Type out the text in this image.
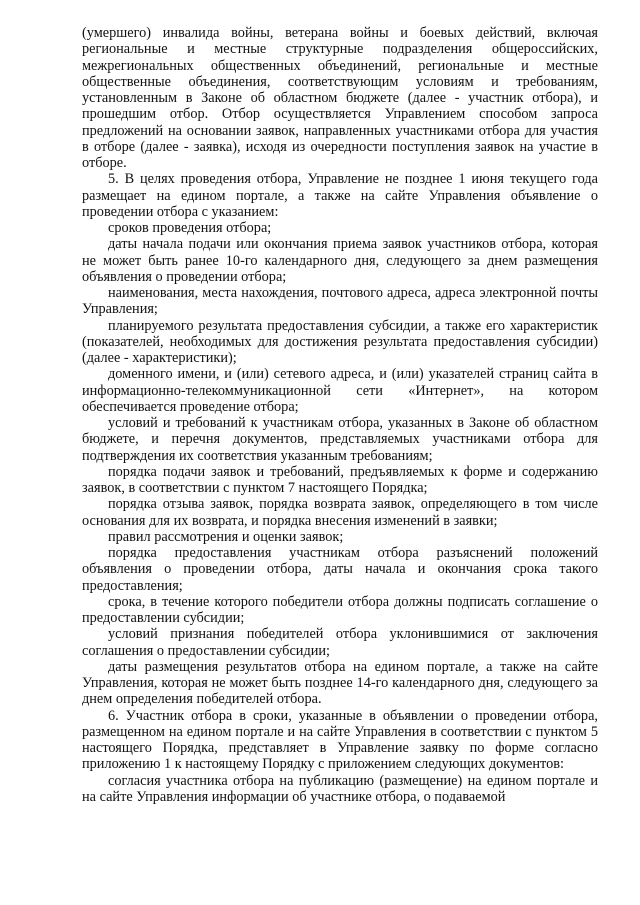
(умершего) инвалида войны, ветерана войны и боевых действий, включая региональные и местные структурные подразделения общероссийских, межрегиональных общественных объединений, региональные и местные общественные объединения, соответствующим условиям и требованиям, установленным в Законе об областном бюджете (далее - участник отбора), и прошедшим отбор. Отбор осуществляется Управлением способом запроса предложений на основании заявок, направленных участниками отбора для участия в отборе (далее - заявка), исходя из очередности поступления заявок на участие в отборе.

5. В целях проведения отбора, Управление не позднее 1 июня текущего года размещает на едином портале, а также на сайте Управления объявление о проведении отбора с указанием:

сроков проведения отбора;

даты начала подачи или окончания приема заявок участников отбора, которая не может быть ранее 10-го календарного дня, следующего за днем размещения объявления о проведении отбора;

наименования, места нахождения, почтового адреса, адреса электронной почты Управления;

планируемого результата предоставления субсидии, а также его характеристик (показателей, необходимых для достижения результата предоставления субсидии) (далее - характеристики);

доменного имени, и (или) сетевого адреса, и (или) указателей страниц сайта в информационно-телекоммуникационной сети «Интернет», на котором обеспечивается проведение отбора;

условий и требований к участникам отбора, указанных в Законе об областном бюджете, и перечня документов, представляемых участниками отбора для подтверждения их соответствия указанным требованиям;

порядка подачи заявок и требований, предъявляемых к форме и содержанию заявок, в соответствии с пунктом 7 настоящего Порядка;

порядка отзыва заявок, порядка возврата заявок, определяющего в том числе основания для их возврата, и порядка внесения изменений в заявки;

правил рассмотрения и оценки заявок;

порядка предоставления участникам отбора разъяснений положений объявления о проведении отбора, даты начала и окончания срока такого предоставления;

срока, в течение которого победители отбора должны подписать соглашение о предоставлении субсидии;

условий признания победителей отбора уклонившимися от заключения соглашения о предоставлении субсидии;

даты размещения результатов отбора на едином портале, а также на сайте Управления, которая не может быть позднее 14-го календарного дня, следующего за днем определения победителей отбора.

6. Участник отбора в сроки, указанные в объявлении о проведении отбора, размещенном на едином портале и на сайте Управления в соответствии с пунктом 5 настоящего Порядка, представляет в Управление заявку по форме согласно приложению 1 к настоящему Порядку с приложением следующих документов:

согласия участника отбора на публикацию (размещение) на едином портале и на сайте Управления информации об участнике отбора, о подаваемой
